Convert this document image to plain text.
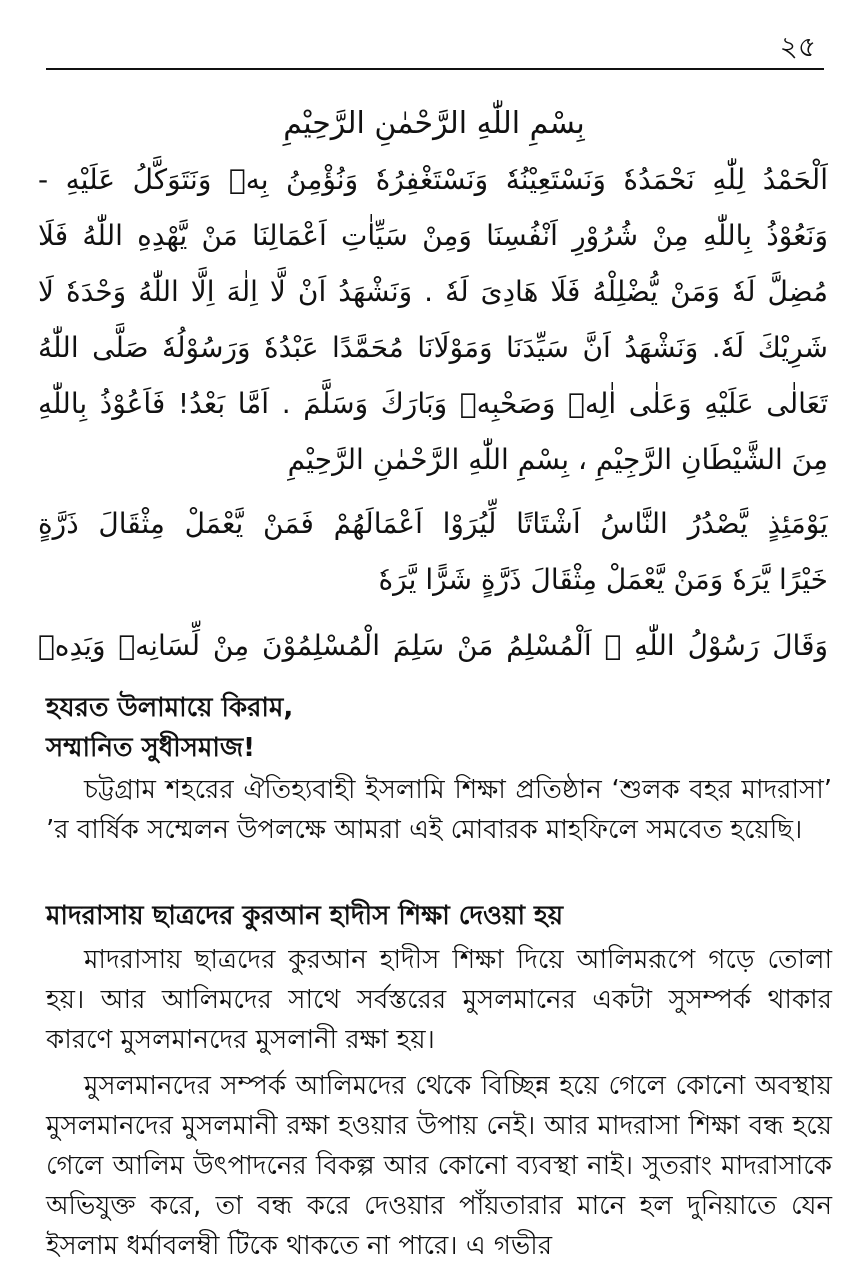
২৫
بِسْمِ اللّٰهِ الرَّحْمٰنِ الرَّحِيْمِ
اَلْحَمْدُ لِلّٰهِ نَحْمَدُهٗ وَنَسْتَعِيْنُهٗ وَنَسْتَغْفِرُهٗ وَنُؤْمِنُ بِهٖ وَنَتَوَكَّلُ عَلَيْهِ -
وَنَعُوْذُ بِاللّٰهِ مِنْ شُرُوْرِ اَنْفُسِنَا وَمِنْ سَيِّاٰتِ اَعْمَالِنَا مَنْ يَّهْدِهِ اللّٰهُ فَلَا
مُضِلَّ لَهٗ وَمَنْ يُّضْلِلْهُ فَلَا هَادِىَ لَهٗ . وَنَشْهَدُ اَنْ لَّا اِلٰهَ اِلَّا اللّٰهُ وَحْدَهٗ لَا
شَرِيْكَ لَهٗ. وَنَشْهَدُ اَنَّ سَيِّدَنَا وَمَوْلَانَا مُحَمَّدًا عَبْدُهٗ وَرَسُوْلُهٗ صَلَّى اللّٰهُ
تَعَالٰى عَلَيْهِ وَعَلٰى اٰلِهٖ وَصَحْبِهٖ وَبَارَكَ وَسَلَّمَ . اَمَّا بَعْدُ! فَاَعُوْذُ بِاللّٰهِ
مِنَ الشَّيْطَانِ الرَّجِيْمِ ، بِسْمِ اللّٰهِ الرَّحْمٰنِ الرَّحِيْمِ
يَوْمَئِذٍ يَّصْدُرُ النَّاسُ اَشْتَاتًا لِّيُرَوْا اَعْمَالَهُمْ فَمَنْ يَّعْمَلْ مِثْقَالَ ذَرَّةٍ
خَيْرًا يَّرَهٗ وَمَنْ يَّعْمَلْ مِثْقَالَ ذَرَّةٍ شَرًّا يَّرَهٗ
وَقَالَ رَسُوْلُ اللّٰهِ ﷺ اَلْمُسْلِمُ مَنْ سَلِمَ الْمُسْلِمُوْنَ مِنْ لِّسَانِهٖ وَيَدِهٖ
হযরত উলামায়ে কিরাম,
সম্মানিত সুধীসমাজ!
চট্টগ্রাম শহরের ঐতিহ্যবাহী ইসলামি শিক্ষা প্রতিষ্ঠান ‘শুলক বহর মাদরাসা’ ’র বার্ষিক সম্মেলন উপলক্ষে আমরা এই মোবারক মাহফিলে সমবেত হয়েছি।
মাদরাসায় ছাত্রদের কুরআন হাদীস শিক্ষা দেওয়া হয়
মাদরাসায় ছাত্রদের কুরআন হাদীস শিক্ষা দিয়ে আলিমরূপে গড়ে তোলা হয়। আর আলিমদের সাথে সর্বস্তরের মুসলমানের একটা সুসম্পর্ক থাকার কারণে মুসলমানদের মুসলানী রক্ষা হয়।
মুসলমানদের সম্পর্ক আলিমদের থেকে বিচ্ছিন্ন হয়ে গেলে কোনো অবস্থায় মুসলমানদের মুসলমানী রক্ষা হওয়ার উপায় নেই। আর মাদরাসা শিক্ষা বন্ধ হয়ে গেলে আলিম উৎপাদনের বিকল্প আর কোনো ব্যবস্থা নাই। সুতরাং মাদরাসাকে অভিযুক্ত করে, তা বন্ধ করে দেওয়ার পাঁয়তারার মানে হল দুনিয়াতে যেন ইসলাম ধর্মাবলম্বী টিকে থাকতে না পারে। এ গভীর
